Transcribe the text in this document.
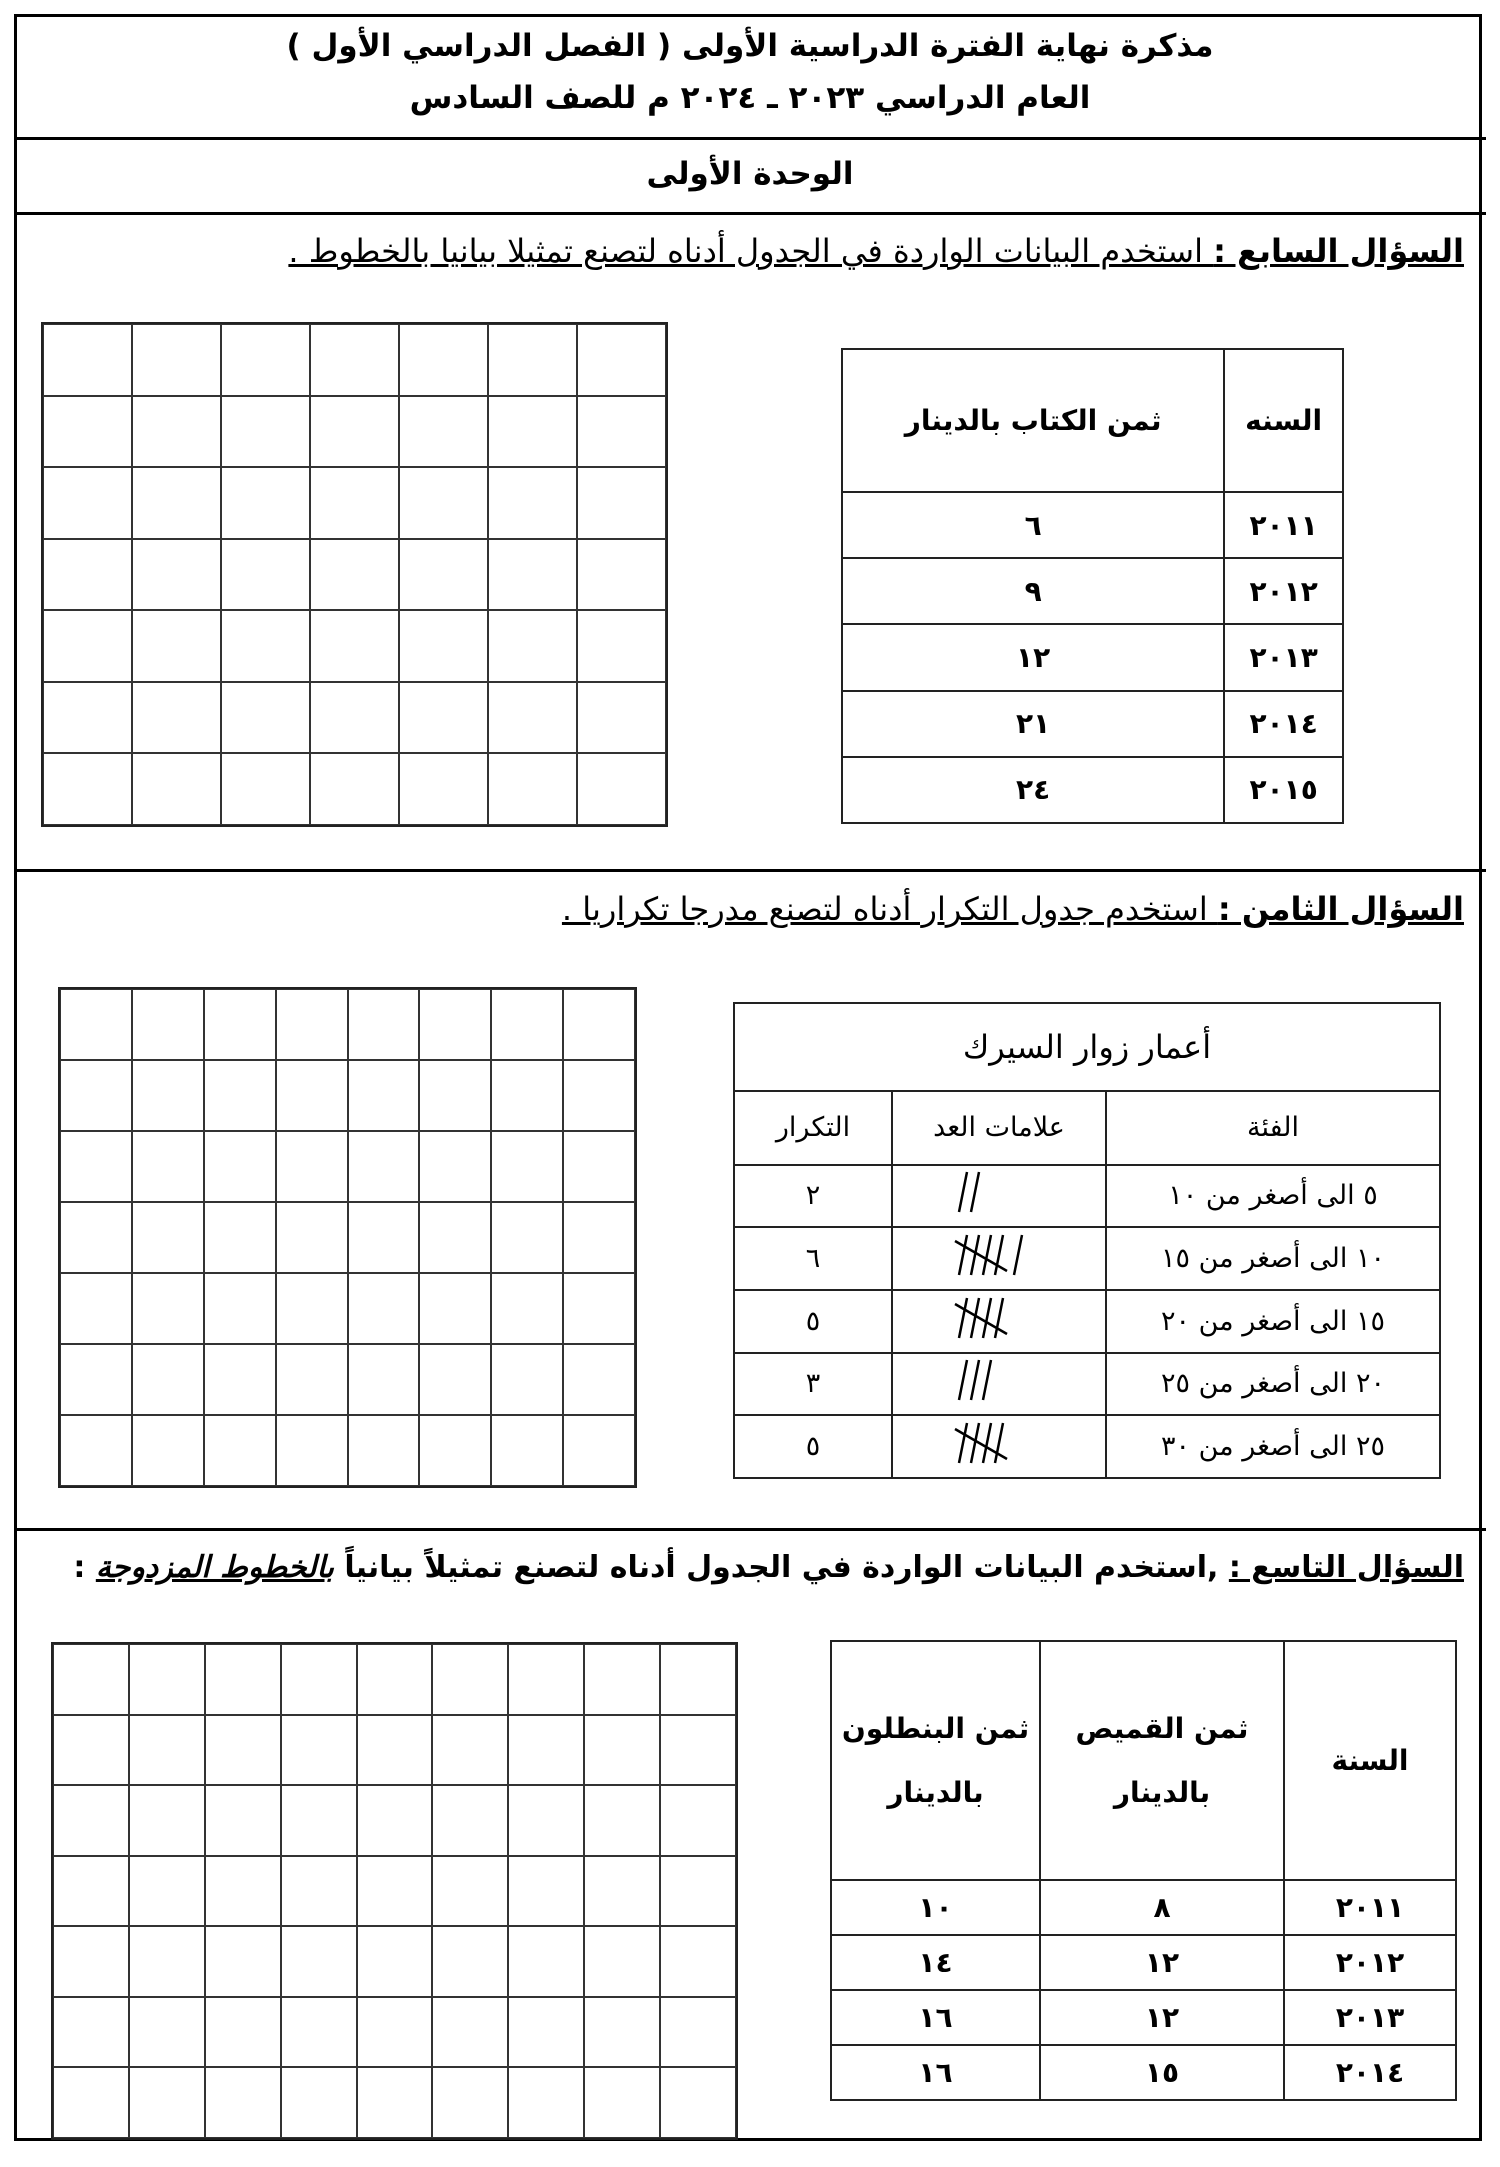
مذكرة نهاية الفترة الدراسية الأولى ( الفصل الدراسي الأول )
العام الدراسي ٢٠٢٣ ـ ٢٠٢٤ م للصف السادس
الوحدة الأولى
السؤال السابع : استخدم البيانات الواردة في الجدول أدناه لتصنع تمثيلا بيانيا بالخطوط .
السنه	ثمن الكتاب بالدينار
٢٠١١	٦
٢٠١٢	٩
٢٠١٣	١٢
٢٠١٤	٢١
٢٠١٥	٢٤
السؤال الثامن : استخدم جدول التكرار أدناه لتصنع مدرجا تكراريا .
أعمار زوار السيرك		
الفئة	علامات العد	التكرار
٥ الى أصغر من ١٠		٢
١٠ الى أصغر من ١٥		٦
١٥ الى أصغر من ٢٠		٥
٢٠ الى أصغر من ٢٥		٣
٢٥ الى أصغر من ٣٠		٥
السؤال التاسع : ,استخدم البيانات الواردة في الجدول أدناه لتصنع تمثيلاً بيانياً بالخطوط المزدوجة :
السنة	ثمن القميص بالدينار	ثمن البنطلون بالدينار
٢٠١١	٨	١٠
٢٠١٢	١٢	١٤
٢٠١٣	١٢	١٦
٢٠١٤	١٥	١٦
